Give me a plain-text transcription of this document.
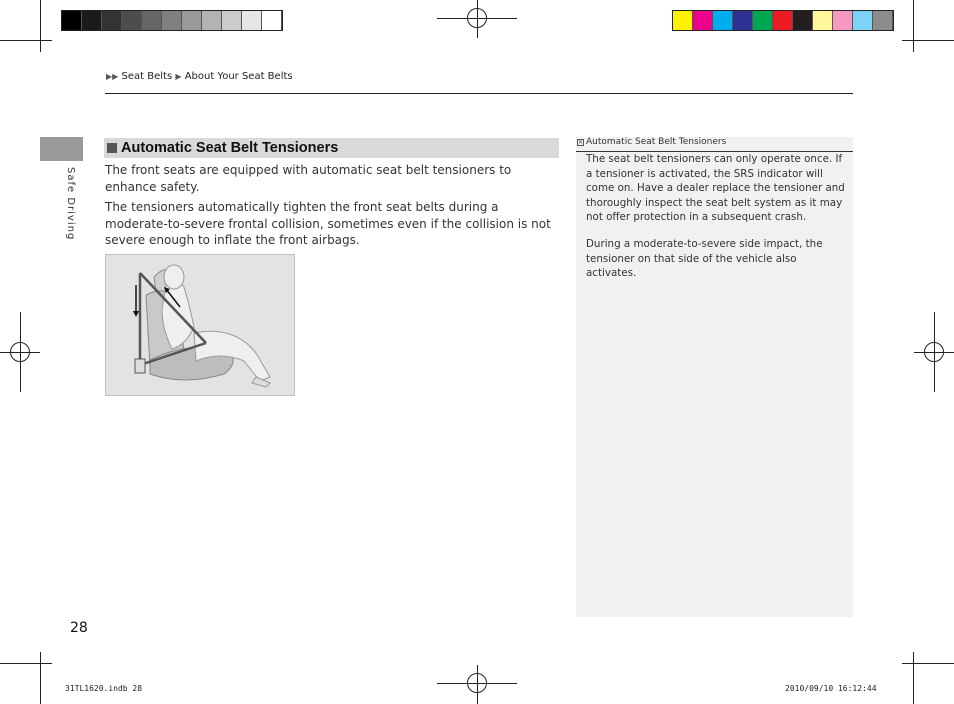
▶▶ Seat Belts ▶ About Your Seat Belts
Safe Driving
Automatic Seat Belt Tensioners

The front seats are equipped with automatic seat belt tensioners to enhance safety.

The tensioners automatically tighten the front seat belts during a moderate-to-severe frontal collision, sometimes even if the collision is not severe enough to inflate the front airbags.

✕ Automatic Seat Belt Tensioners

The seat belt tensioners can only operate once. If a tensioner is activated, the SRS indicator will come on. Have a dealer replace the tensioner and thoroughly inspect the seat belt system as it may not offer protection in a subsequent crash.

During a moderate-to-severe side impact, the tensioner on that side of the vehicle also activates.

28
31TL1620.indb 28	2010/09/10 16:12:44
